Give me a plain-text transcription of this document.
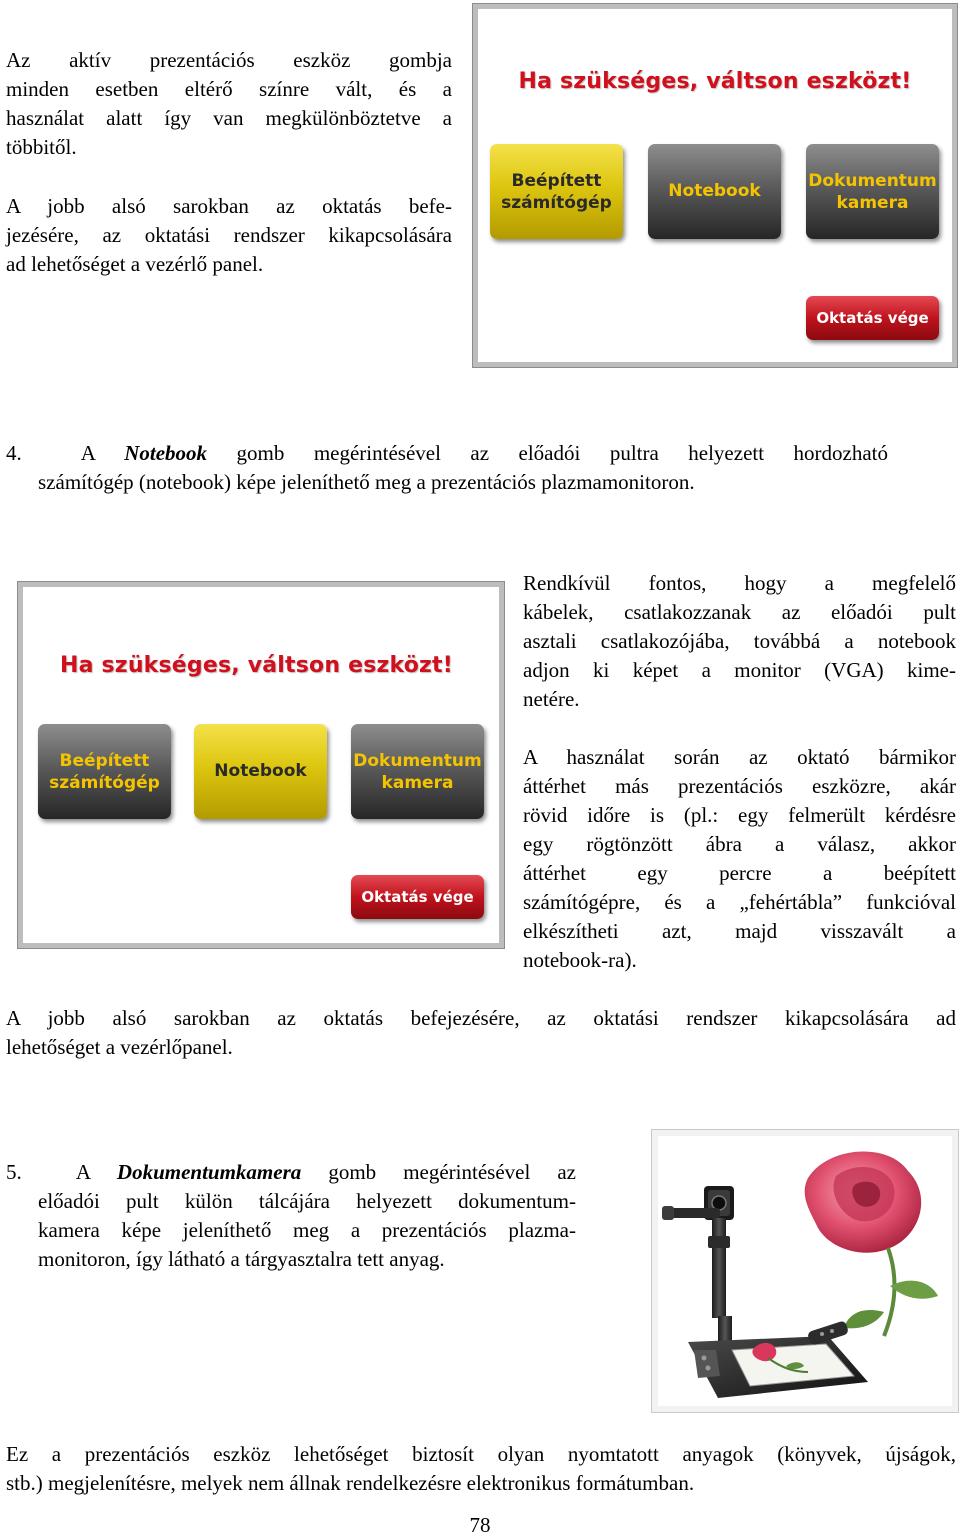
Az aktív prezentációs eszköz gombja

minden esetben eltérő színre vált, és a

használat alatt így van megkülönböztetve a

többitől.

A jobb alsó sarokban az oktatás befe-

jezésére, az oktatási rendszer kikapcsolására

ad lehetőséget a vezérlő panel.

Ha szükséges, váltson eszközt!
Beépített
számítógép
Notebook
Dokumentum
kamera
Oktatás vége

4.	A Notebook gomb megérintésével az előadói pultra helyezett hordozható

számítógép (notebook) képe jeleníthető meg a prezentációs plazmamonitoron.

Ha szükséges, váltson eszközt!
Beépített
számítógép
Notebook
Dokumentum
kamera
Oktatás vége

Rendkívül fontos, hogy a megfelelő

kábelek, csatlakozzanak az előadói pult

asztali csatlakozójába, továbbá a notebook

adjon ki képet a monitor (VGA) kime-

netére.

A használat során az oktató bármikor

áttérhet más prezentációs eszközre, akár

rövid időre is (pl.: egy felmerült kérdésre

egy rögtönzött ábra a válasz, akkor

áttérhet egy percre a beépített

számítógépre, és a „fehértábla” funkcióval

elkészítheti azt, majd visszavált a

notebook-ra).

A jobb alsó sarokban az oktatás befejezésére, az oktatási rendszer kikapcsolására ad

lehetőséget a vezérlőpanel.

5.	A Dokumentumkamera gomb megérintésével az

előadói pult külön tálcájára helyezett dokumentum-

kamera képe jeleníthető meg a prezentációs plazma-

monitoron, így látható a tárgyasztalra tett anyag.

Ez a prezentációs eszköz lehetőséget biztosít olyan nyomtatott anyagok (könyvek, újságok,

stb.) megjelenítésre, melyek nem állnak rendelkezésre elektronikus formátumban.

78
